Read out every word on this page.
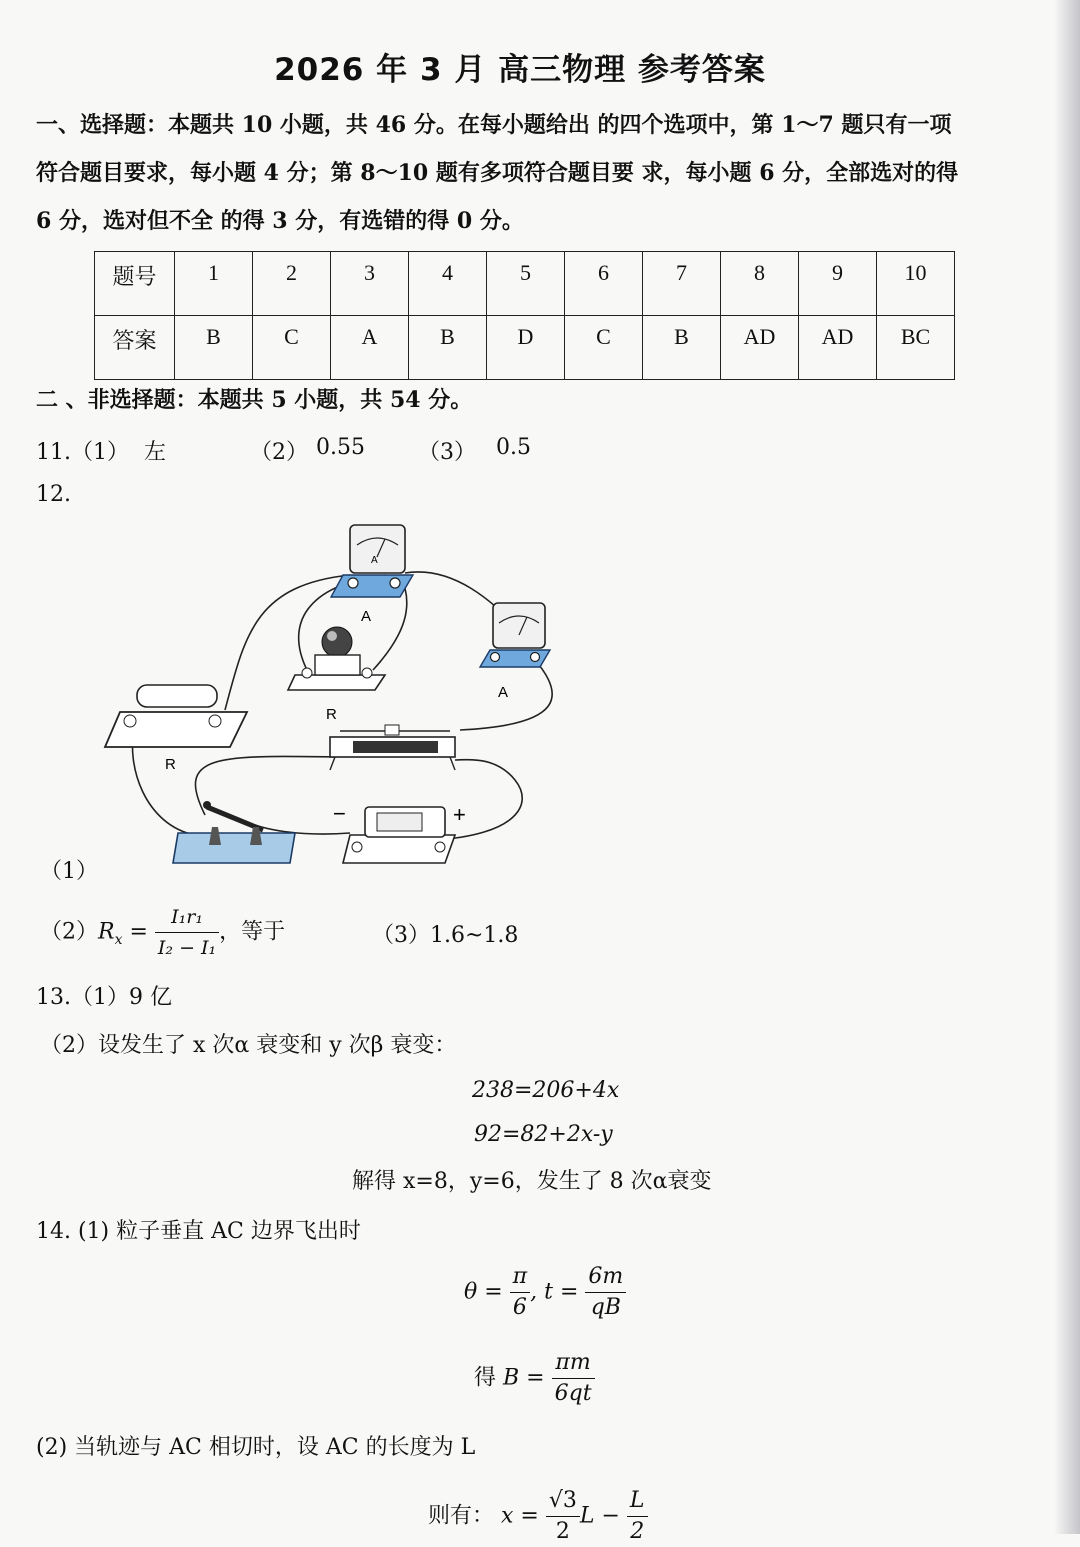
2026 年 3 月 高三物理 参考答案
一、选择题：本题共 10 小题，共 46 分。在每小题给出 的四个选项中，第 1～7 题只有一项
符合题目要求，每小题 4 分；第 8～10 题有多项符合题目要 求，每小题 6 分，全部选对的得
6 分，选对但不全 的得 3 分，有选错的得 0 分。
题号	1	2	3	4	5	6	7	8	9	10
答案	B	C	A	B	D	C	B	AD	AD	BC
二 、非选择题：本题共 5 小题，共 54 分。
11.（1） 左	（2） 0.55 （3） 0.5
12.
A
A
A
R
R
−	+
（1）
$(2)R_x = \frac{\text{I₁r₁}}{\text{I₂ − I₁}}$ ，等于	（3）1.6~1.8
13.（1）9 亿
（2）设发生了 x 次α 衰变和 y 次β 衰变：
238=206+4x
92=82+2x-y
解得 x=8，y=6，发生了 8 次α衰变
14. (1) 粒子垂直 AC 边界飞出时
$\theta = \frac{\pi}{6}$ , $t = \frac{6m}{qB}$
得 $B = \frac{\pi m}{6qt}$
(2) 当轨迹与 AC 相切时，设 AC 的长度为 L
则有： $x = \frac{√3}{2}$ $L - \frac{L}{2}$
